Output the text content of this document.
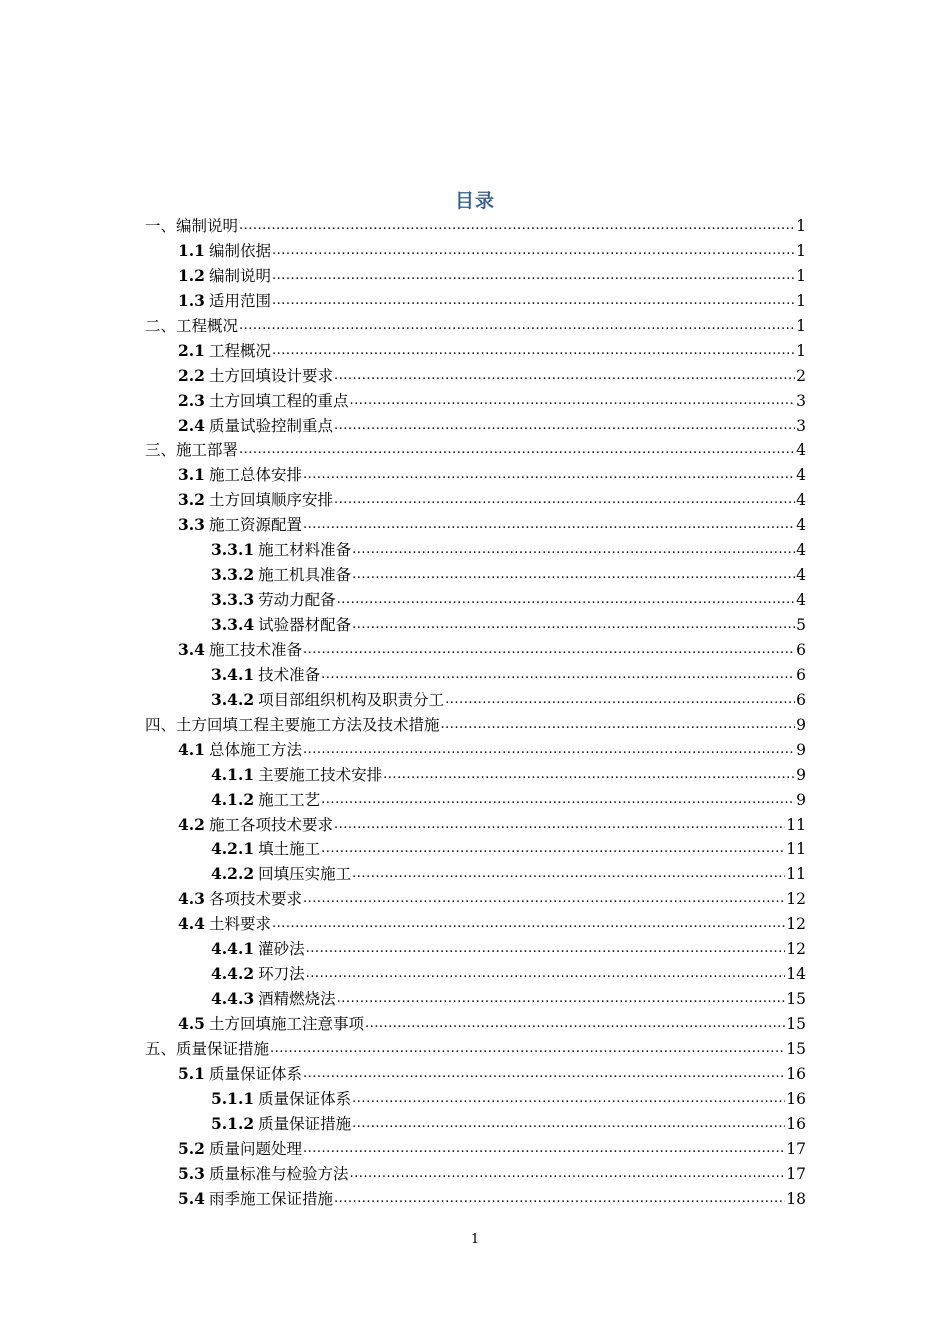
目录
一、编制说明 .....	1
1.1 编制依据 .....	1
1.2 编制说明 .....	1
1.3 适用范围 .....	1
二、工程概况 .....	1
2.1 工程概况 .....	1
2.2 土方回填设计要求 .....	2
2.3 土方回填工程的重点 .....	3
2.4 质量试验控制重点 .....	3
三、施工部署 .....	4
3.1 施工总体安排 .....	4
3.2 土方回填顺序安排 .....	4
3.3 施工资源配置 .....	4
3.3.1 施工材料准备 .....	4
3.3.2 施工机具准备 .....	4
3.3.3 劳动力配备 .....	4
3.3.4 试验器材配备 .....	5
3.4 施工技术准备 .....	6
3.4.1 技术准备 .....	6
3.4.2 项目部组织机构及职责分工 .....	6
四、土方回填工程主要施工方法及技术措施 .....	9
4.1 总体施工方法 .....	9
4.1.1 主要施工技术安排 .....	9
4.1.2 施工工艺 .....	9
4.2 施工各项技术要求 .....	11
4.2.1 填土施工 .....	11
4.2.2 回填压实施工 .....	11
4.3 各项技术要求 .....	12
4.4 土料要求 .....	12
4.4.1 灌砂法 .....	12
4.4.2 环刀法 .....	14
4.4.3 酒精燃烧法 .....	15
4.5 土方回填施工注意事项 .....	15
五、质量保证措施 .....	15
5.1 质量保证体系 .....	16
5.1.1 质量保证体系 .....	16
5.1.2 质量保证措施 .....	16
5.2 质量问题处理 .....	17
5.3 质量标准与检验方法 .....	17
5.4 雨季施工保证措施 .....	18
1
